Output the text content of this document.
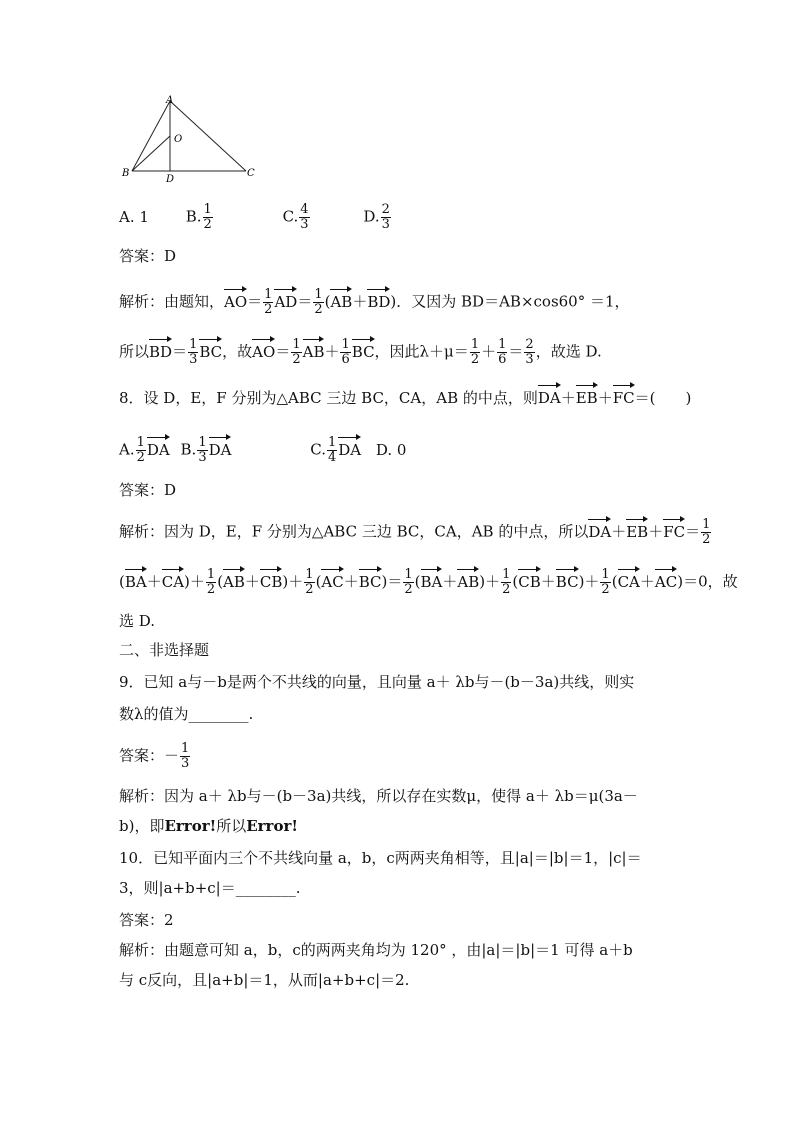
A
O
B
D
C
A. 1 B. $\frac{1}{2}$	C. $\frac{4}{3}$	D. $\frac{2}{3}$
答案：D
解析：由题知，$AO= \frac{1}{2} AD= \frac{1}{2} (AB+BD)$．又因为 BD＝AB×cos60° ＝1，
所以$BD= \frac{1}{3}$ BC，故$AO= \frac{1}{2} AB+ \frac{1}{6}$ BC，因此$\lambda+\mu= \frac{1}{2} + \frac{1}{6} = \frac{2}{3}$ ，故选 D.
8．设 D，E，F 分别为△ABC 三边 BC，CA，AB 的中点，则DA＋EB＋FC＝(　　)
A. $\frac{1}{2}$ DA B. $\frac{1}{3}$ DA	C. $\frac{1}{4}$ DA D. 0
答案：D
解析：因为 D，E，F 分别为△ABC 三边 BC，CA，AB 的中点，所以$DA+EB+FC= \frac{1}{2}$
$(BA+CA)+ \frac{1}{2} (AB+CB)+ \frac{1}{2} (AC+BC)= \frac{1}{2} (BA+AB)+ \frac{1}{2} (CB+BC)+ \frac{1}{2} (CA+AC)=0$，故
选 D.
二、非选择题
9．已知 a与－b是两个不共线的向量，且向量 a＋ λb与－(b－3a)共线，则实
数λ的值为________.
答案：－ $\frac{1}{3}$
解析：因为 a＋ λb与－(b－3a)共线，所以存在实数μ，使得 a＋ λb＝μ(3a－
b)，即Error!所以Error!
10．已知平面内三个不共线向量 a，b，c两两夹角相等，且|a|＝|b|＝1，|c|＝
3，则|a+b+c|＝________.
答案：2
解析：由题意可知 a，b，c的两两夹角均为 120° ，由|a|＝|b|＝1 可得 a＋b
与 c反向，且|a+b|＝1，从而|a+b+c|＝2.
